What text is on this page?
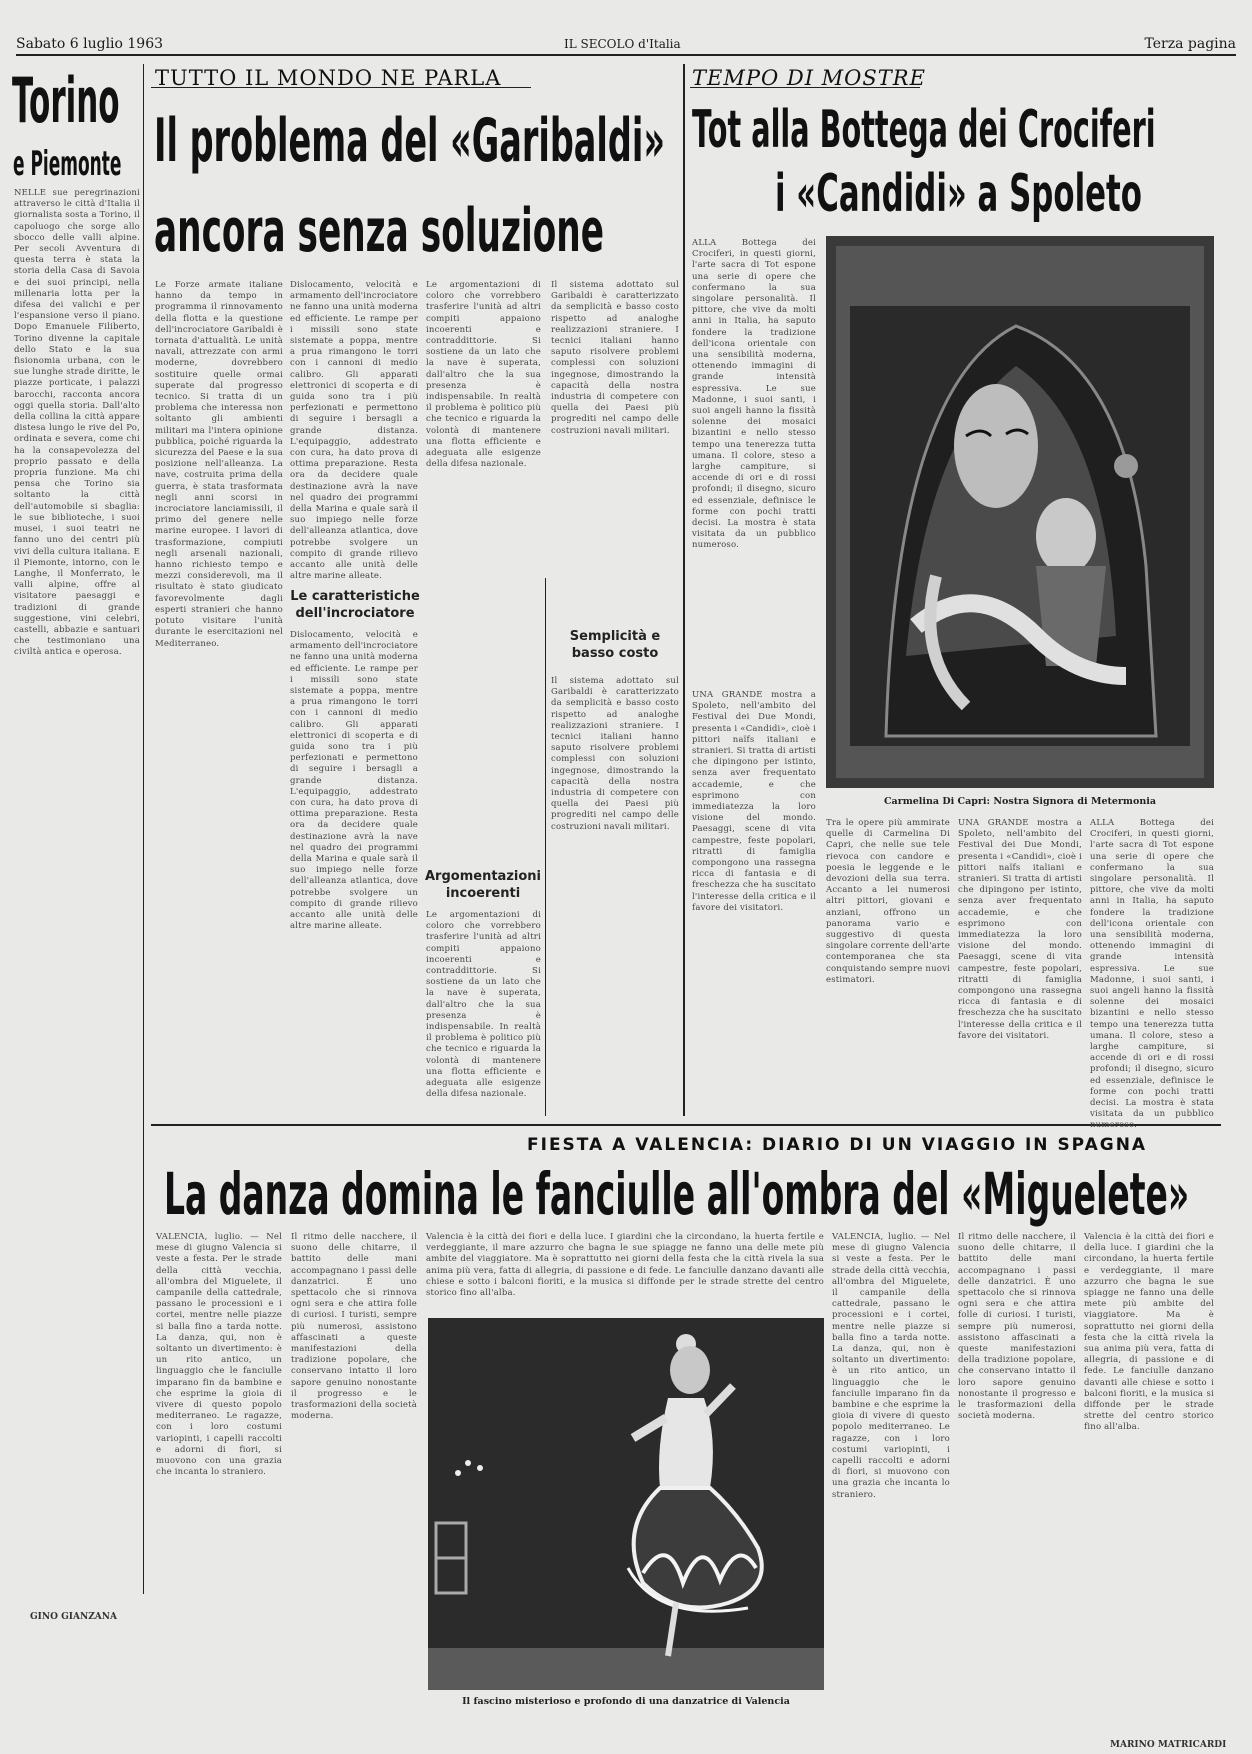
Sabato 6 luglio 1963	IL SECOLO d'Italia	Terza pagina
Torino
e Piemonte
NELLE sue peregrinazioni attraverso le città d'Italia il giornalista sosta a Torino, il capoluogo che sorge allo sbocco delle valli alpine. Per secoli Avventura di questa terra è stata la storia della Casa di Savoia e dei suoi principi, nella millenaria lotta per la difesa dei valichi e per l'espansione verso il piano. Dopo Emanuele Filiberto, Torino divenne la capitale dello Stato e la sua fisionomia urbana, con le sue lunghe strade diritte, le piazze porticate, i palazzi barocchi, racconta ancora oggi quella storia. Dall'alto della collina la città appare distesa lungo le rive del Po, ordinata e severa, come chi ha la consapevolezza del proprio passato e della propria funzione. Ma chi pensa che Torino sia soltanto la città dell'automobile si sbaglia: le sue biblioteche, i suoi musei, i suoi teatri ne fanno uno dei centri più vivi della cultura italiana. E il Piemonte, intorno, con le Langhe, il Monferrato, le valli alpine, offre al visitatore paesaggi e tradizioni di grande suggestione, vini celebri, castelli, abbazie e santuari che testimoniano una civiltà antica e operosa.
GINO GIANZANA
TUTTO IL MONDO NE PARLA
Il problema del «Garibaldi»
ancora senza soluzione
Le Forze armate italiane hanno da tempo in programma il rinnovamento della flotta e la questione dell'incrociatore Garibaldi è tornata d'attualità. Le unità navali, attrezzate con armi moderne, dovrebbero sostituire quelle ormai superate dal progresso tecnico. Si tratta di un problema che interessa non soltanto gli ambienti militari ma l'intera opinione pubblica, poiché riguarda la sicurezza del Paese e la sua posizione nell'alleanza. La nave, costruita prima della guerra, è stata trasformata negli anni scorsi in incrociatore lanciamissili, il primo del genere nelle marine europee. I lavori di trasformazione, compiuti negli arsenali nazionali, hanno richiesto tempo e mezzi considerevoli, ma il risultato è stato giudicato favorevolmente dagli esperti stranieri che hanno potuto visitare l'unità durante le esercitazioni nel Mediterraneo.
Dislocamento, velocità e armamento dell'incrociatore ne fanno una unità moderna ed efficiente. Le rampe per i missili sono state sistemate a poppa, mentre a prua rimangono le torri con i cannoni di medio calibro. Gli apparati elettronici di scoperta e di guida sono tra i più perfezionati e permettono di seguire i bersagli a grande distanza. L'equipaggio, addestrato con cura, ha dato prova di ottima preparazione. Resta ora da decidere quale destinazione avrà la nave nel quadro dei programmi della Marina e quale sarà il suo impiego nelle forze dell'alleanza atlantica, dove potrebbe svolgere un compito di grande rilievo accanto alle unità delle altre marine alleate.
Le caratteristiche dell'incrociatore
Dislocamento, velocità e armamento dell'incrociatore ne fanno una unità moderna ed efficiente. Le rampe per i missili sono state sistemate a poppa, mentre a prua rimangono le torri con i cannoni di medio calibro. Gli apparati elettronici di scoperta e di guida sono tra i più perfezionati e permettono di seguire i bersagli a grande distanza. L'equipaggio, addestrato con cura, ha dato prova di ottima preparazione. Resta ora da decidere quale destinazione avrà la nave nel quadro dei programmi della Marina e quale sarà il suo impiego nelle forze dell'alleanza atlantica, dove potrebbe svolgere un compito di grande rilievo accanto alle unità delle altre marine alleate.
Le argomentazioni di coloro che vorrebbero trasferire l'unità ad altri compiti appaiono incoerenti e contraddittorie. Si sostiene da un lato che la nave è superata, dall'altro che la sua presenza è indispensabile. In realtà il problema è politico più che tecnico e riguarda la volontà di mantenere una flotta efficiente e adeguata alle esigenze della difesa nazionale.
Argomentazioni incoerenti
Le argomentazioni di coloro che vorrebbero trasferire l'unità ad altri compiti appaiono incoerenti e contraddittorie. Si sostiene da un lato che la nave è superata, dall'altro che la sua presenza è indispensabile. In realtà il problema è politico più che tecnico e riguarda la volontà di mantenere una flotta efficiente e adeguata alle esigenze della difesa nazionale.
Il sistema adottato sul Garibaldi è caratterizzato da semplicità e basso costo rispetto ad analoghe realizzazioni straniere. I tecnici italiani hanno saputo risolvere problemi complessi con soluzioni ingegnose, dimostrando la capacità della nostra industria di competere con quella dei Paesi più progrediti nel campo delle costruzioni navali militari.
Semplicità e basso costo
Il sistema adottato sul Garibaldi è caratterizzato da semplicità e basso costo rispetto ad analoghe realizzazioni straniere. I tecnici italiani hanno saputo risolvere problemi complessi con soluzioni ingegnose, dimostrando la capacità della nostra industria di competere con quella dei Paesi più progrediti nel campo delle costruzioni navali militari.
TEMPO DI MOSTRE
Tot alla Bottega dei Crociferi
i «Candidi» a Spoleto
ALLA Bottega dei Crociferi, in questi giorni, l'arte sacra di Tot espone una serie di opere che confermano la sua singolare personalità. Il pittore, che vive da molti anni in Italia, ha saputo fondere la tradizione dell'icona orientale con una sensibilità moderna, ottenendo immagini di grande intensità espressiva. Le sue Madonne, i suoi santi, i suoi angeli hanno la fissità solenne dei mosaici bizantini e nello stesso tempo una tenerezza tutta umana. Il colore, steso a larghe campiture, si accende di ori e di rossi profondi; il disegno, sicuro ed essenziale, definisce le forme con pochi tratti decisi. La mostra è stata visitata da un pubblico numeroso.
UNA GRANDE mostra a Spoleto, nell'ambito del Festival dei Due Mondi, presenta i «Candidi», cioè i pittori naïfs italiani e stranieri. Si tratta di artisti che dipingono per istinto, senza aver frequentato accademie, e che esprimono con immediatezza la loro visione del mondo. Paesaggi, scene di vita campestre, feste popolari, ritratti di famiglia compongono una rassegna ricca di fantasia e di freschezza che ha suscitato l'interesse della critica e il favore dei visitatori.
Carmelina Di Capri: Nostra Signora di Metermonia
Tra le opere più ammirate quelle di Carmelina Di Capri, che nelle sue tele rievoca con candore e poesia le leggende e le devozioni della sua terra. Accanto a lei numerosi altri pittori, giovani e anziani, offrono un panorama vario e suggestivo di questa singolare corrente dell'arte contemporanea che sta conquistando sempre nuovi estimatori.
UNA GRANDE mostra a Spoleto, nell'ambito del Festival dei Due Mondi, presenta i «Candidi», cioè i pittori naïfs italiani e stranieri. Si tratta di artisti che dipingono per istinto, senza aver frequentato accademie, e che esprimono con immediatezza la loro visione del mondo. Paesaggi, scene di vita campestre, feste popolari, ritratti di famiglia compongono una rassegna ricca di fantasia e di freschezza che ha suscitato l'interesse della critica e il favore dei visitatori.
ALLA Bottega dei Crociferi, in questi giorni, l'arte sacra di Tot espone una serie di opere che confermano la sua singolare personalità. Il pittore, che vive da molti anni in Italia, ha saputo fondere la tradizione dell'icona orientale con una sensibilità moderna, ottenendo immagini di grande intensità espressiva. Le sue Madonne, i suoi santi, i suoi angeli hanno la fissità solenne dei mosaici bizantini e nello stesso tempo una tenerezza tutta umana. Il colore, steso a larghe campiture, si accende di ori e di rossi profondi; il disegno, sicuro ed essenziale, definisce le forme con pochi tratti decisi. La mostra è stata visitata da un pubblico numeroso.
FIESTA A VALENCIA: DIARIO DI UN VIAGGIO IN SPAGNA
La danza domina le fanciulle all'ombra del «Miguelete»
VALENCIA, luglio. — Nel mese di giugno Valencia si veste a festa. Per le strade della città vecchia, all'ombra del Miguelete, il campanile della cattedrale, passano le processioni e i cortei, mentre nelle piazze si balla fino a tarda notte. La danza, qui, non è soltanto un divertimento: è un rito antico, un linguaggio che le fanciulle imparano fin da bambine e che esprime la gioia di vivere di questo popolo mediterraneo. Le ragazze, con i loro costumi variopinti, i capelli raccolti e adorni di fiori, si muovono con una grazia che incanta lo straniero.
Il ritmo delle nacchere, il suono delle chitarre, il battito delle mani accompagnano i passi delle danzatrici. È uno spettacolo che si rinnova ogni sera e che attira folle di curiosi. I turisti, sempre più numerosi, assistono affascinati a queste manifestazioni della tradizione popolare, che conservano intatto il loro sapore genuino nonostante il progresso e le trasformazioni della società moderna.
Valencia è la città dei fiori e della luce. I giardini che la circondano, la huerta fertile e verdeggiante, il mare azzurro che bagna le sue spiagge ne fanno una delle mete più ambite del viaggiatore. Ma è soprattutto nei giorni della festa che la città rivela la sua anima più vera, fatta di allegria, di passione e di fede. Le fanciulle danzano davanti alle chiese e sotto i balconi fioriti, e la musica si diffonde per le strade strette del centro storico fino all'alba.
VALENCIA, luglio. — Nel mese di giugno Valencia si veste a festa. Per le strade della città vecchia, all'ombra del Miguelete, il campanile della cattedrale, passano le processioni e i cortei, mentre nelle piazze si balla fino a tarda notte. La danza, qui, non è soltanto un divertimento: è un rito antico, un linguaggio che le fanciulle imparano fin da bambine e che esprime la gioia di vivere di questo popolo mediterraneo. Le ragazze, con i loro costumi variopinti, i capelli raccolti e adorni di fiori, si muovono con una grazia che incanta lo straniero.
Il ritmo delle nacchere, il suono delle chitarre, il battito delle mani accompagnano i passi delle danzatrici. È uno spettacolo che si rinnova ogni sera e che attira folle di curiosi. I turisti, sempre più numerosi, assistono affascinati a queste manifestazioni della tradizione popolare, che conservano intatto il loro sapore genuino nonostante il progresso e le trasformazioni della società moderna.
Valencia è la città dei fiori e della luce. I giardini che la circondano, la huerta fertile e verdeggiante, il mare azzurro che bagna le sue spiagge ne fanno una delle mete più ambite del viaggiatore. Ma è soprattutto nei giorni della festa che la città rivela la sua anima più vera, fatta di allegria, di passione e di fede. Le fanciulle danzano davanti alle chiese e sotto i balconi fioriti, e la musica si diffonde per le strade strette del centro storico fino all'alba.
Il fascino misterioso e profondo di una danzatrice di Valencia
MARINO MATRICARDI
